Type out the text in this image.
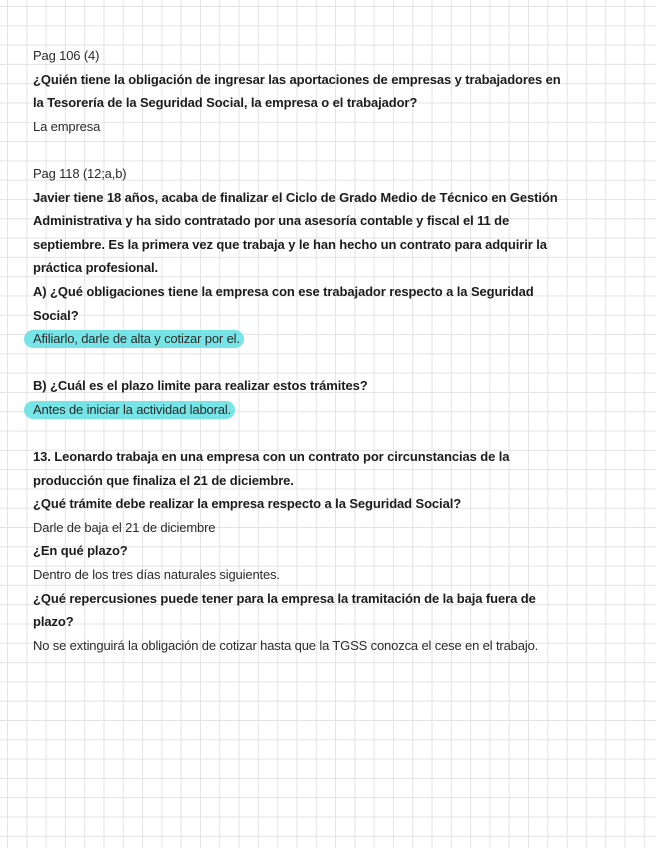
Pag 106 (4)
¿Quién tiene la obligación de ingresar las aportaciones de empresas y trabajadores en
la Tesorería de la Seguridad Social, la empresa o el trabajador?
La empresa
Pag 118 (12;a,b)
Javier tiene 18 años, acaba de finalizar el Ciclo de Grado Medio de Técnico en Gestión
Administrativa y ha sido contratado por una asesoría contable y fiscal el 11 de
septiembre. Es la primera vez que trabaja y le han hecho un contrato para adquirir la
práctica profesional.
A) ¿Qué obligaciones tiene la empresa con ese trabajador respecto a la Seguridad
Social?
Afiliarlo, darle de alta y cotizar por el.
B) ¿Cuál es el plazo limite para realizar estos trámites?
Antes de iniciar la actividad laboral.
13. Leonardo trabaja en una empresa con un contrato por circunstancias de la
producción que finaliza el 21 de diciembre.
¿Qué trámite debe realizar la empresa respecto a la Seguridad Social?
Darle de baja el 21 de diciembre
¿En qué plazo?
Dentro de los tres días naturales siguientes.
¿Qué repercusiones puede tener para la empresa la tramitación de la baja fuera de
plazo?
No se extinguirá la obligación de cotizar hasta que la TGSS conozca el cese en el trabajo.
